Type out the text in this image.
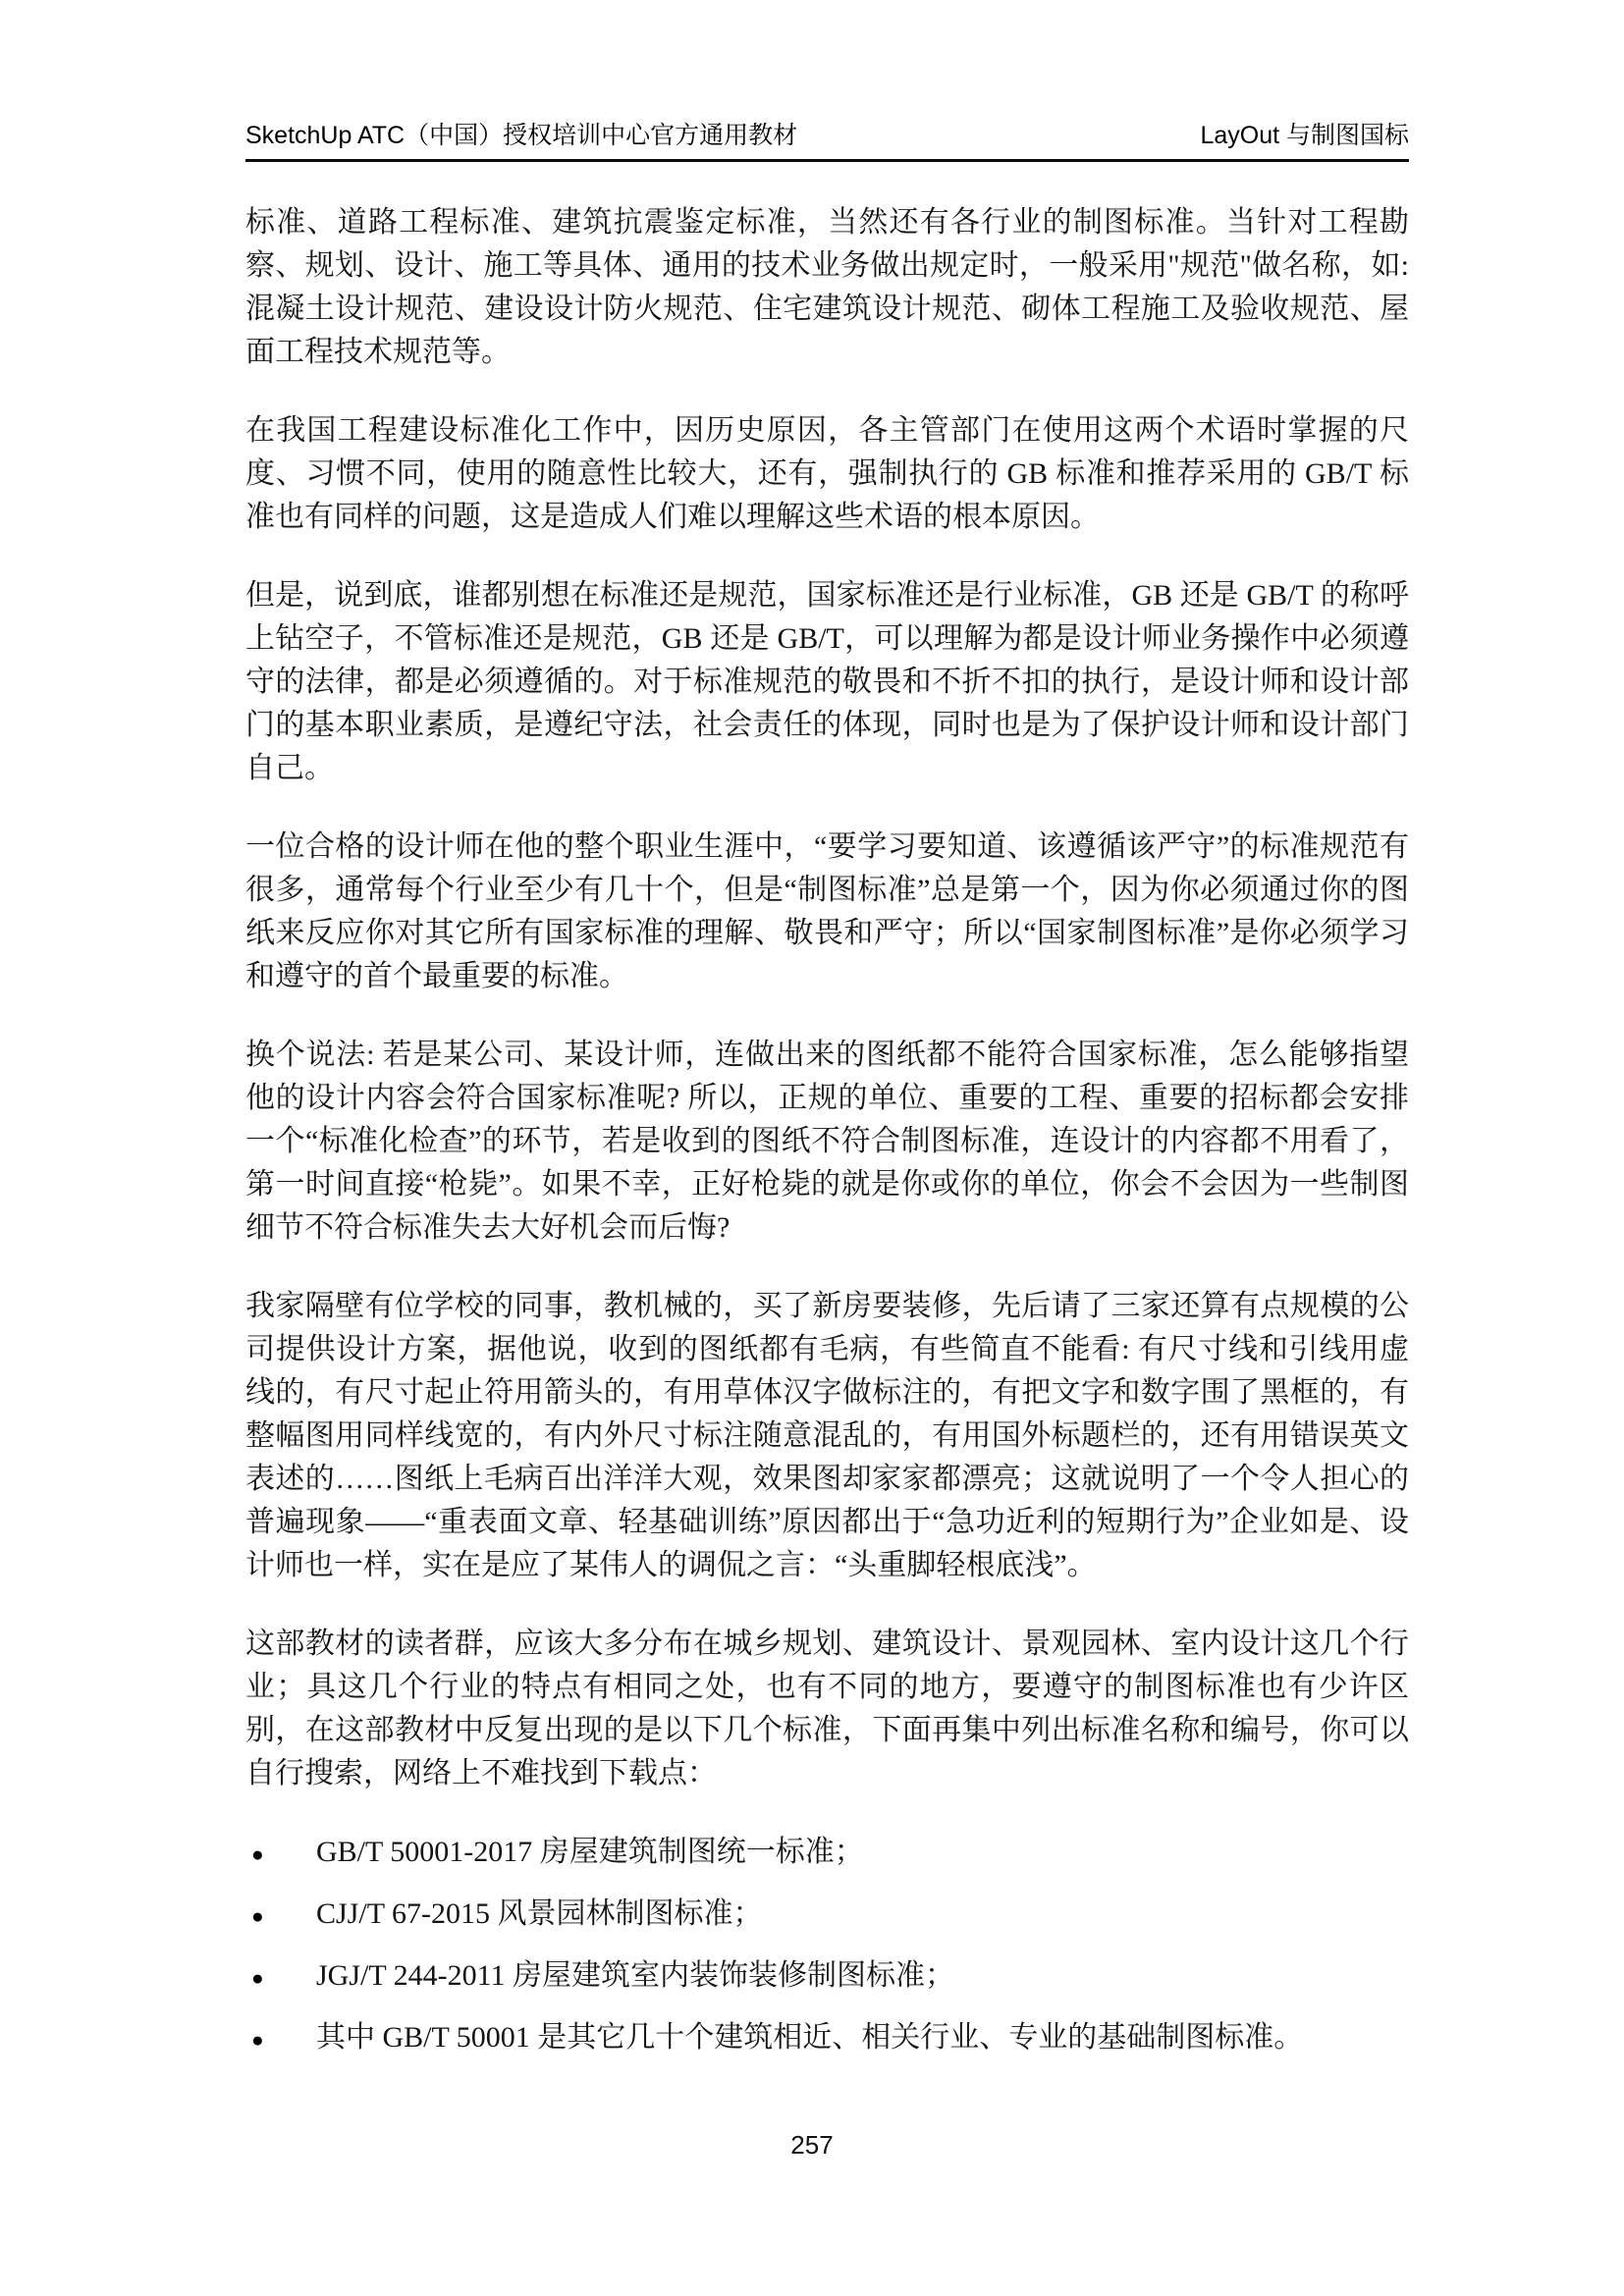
SketchUp ATC（中国）授权培训中心官方通用教材	LayOut 与制图国标

标准、道路工程标准、建筑抗震鉴定标准，当然还有各行业的制图标准。当针对工程勘察、规划、设计、施工等具体、通用的技术业务做出规定时，一般采用"规范"做名称，如: 混凝土设计规范、建设设计防火规范、住宅建筑设计规范、砌体工程施工及验收规范、屋面工程技术规范等。

在我国工程建设标准化工作中，因历史原因，各主管部门在使用这两个术语时掌握的尺度、习惯不同，使用的随意性比较大，还有，强制执行的 GB 标准和推荐采用的 GB/T 标准也有同样的问题，这是造成人们难以理解这些术语的根本原因。

但是，说到底，谁都别想在标准还是规范，国家标准还是行业标准，GB 还是 GB/T 的称呼上钻空子，不管标准还是规范，GB 还是 GB/T，可以理解为都是设计师业务操作中必须遵守的法律，都是必须遵循的。对于标准规范的敬畏和不折不扣的执行，是设计师和设计部门的基本职业素质，是遵纪守法，社会责任的体现，同时也是为了保护设计师和设计部门自己。

一位合格的设计师在他的整个职业生涯中，“要学习要知道、该遵循该严守”的标准规范有很多，通常每个行业至少有几十个，但是“制图标准”总是第一个，因为你必须通过你的图纸来反应你对其它所有国家标准的理解、敬畏和严守；所以“国家制图标准”是你必须学习和遵守的首个最重要的标准。

换个说法: 若是某公司、某设计师，连做出来的图纸都不能符合国家标准，怎么能够指望他的设计内容会符合国家标准呢? 所以，正规的单位、重要的工程、重要的招标都会安排一个“标准化检查”的环节，若是收到的图纸不符合制图标准，连设计的内容都不用看了，第一时间直接“枪毙”。如果不幸，正好枪毙的就是你或你的单位，你会不会因为一些制图细节不符合标准失去大好机会而后悔?

我家隔壁有位学校的同事，教机械的，买了新房要装修，先后请了三家还算有点规模的公司提供设计方案，据他说，收到的图纸都有毛病，有些简直不能看: 有尺寸线和引线用虚线的，有尺寸起止符用箭头的，有用草体汉字做标注的，有把文字和数字围了黑框的，有整幅图用同样线宽的，有内外尺寸标注随意混乱的，有用国外标题栏的，还有用错误英文表述的……图纸上毛病百出洋洋大观，效果图却家家都漂亮；这就说明了一个令人担心的普遍现象——“重表面文章、轻基础训练”原因都出于“急功近利的短期行为”企业如是、设计师也一样，实在是应了某伟人的调侃之言：“头重脚轻根底浅”。

这部教材的读者群，应该大多分布在城乡规划、建筑设计、景观园林、室内设计这几个行业；具这几个行业的特点有相同之处，也有不同的地方，要遵守的制图标准也有少许区别，在这部教材中反复出现的是以下几个标准，下面再集中列出标准名称和编号，你可以自行搜索，网络上不难找到下载点：

●	GB/T 50001-2017 房屋建筑制图统一标准；
●	CJJ/T 67-2015 风景园林制图标准；
●	JGJ/T 244-2011 房屋建筑室内装饰装修制图标准；
●	其中 GB/T 50001 是其它几十个建筑相近、相关行业、专业的基础制图标准。
257
